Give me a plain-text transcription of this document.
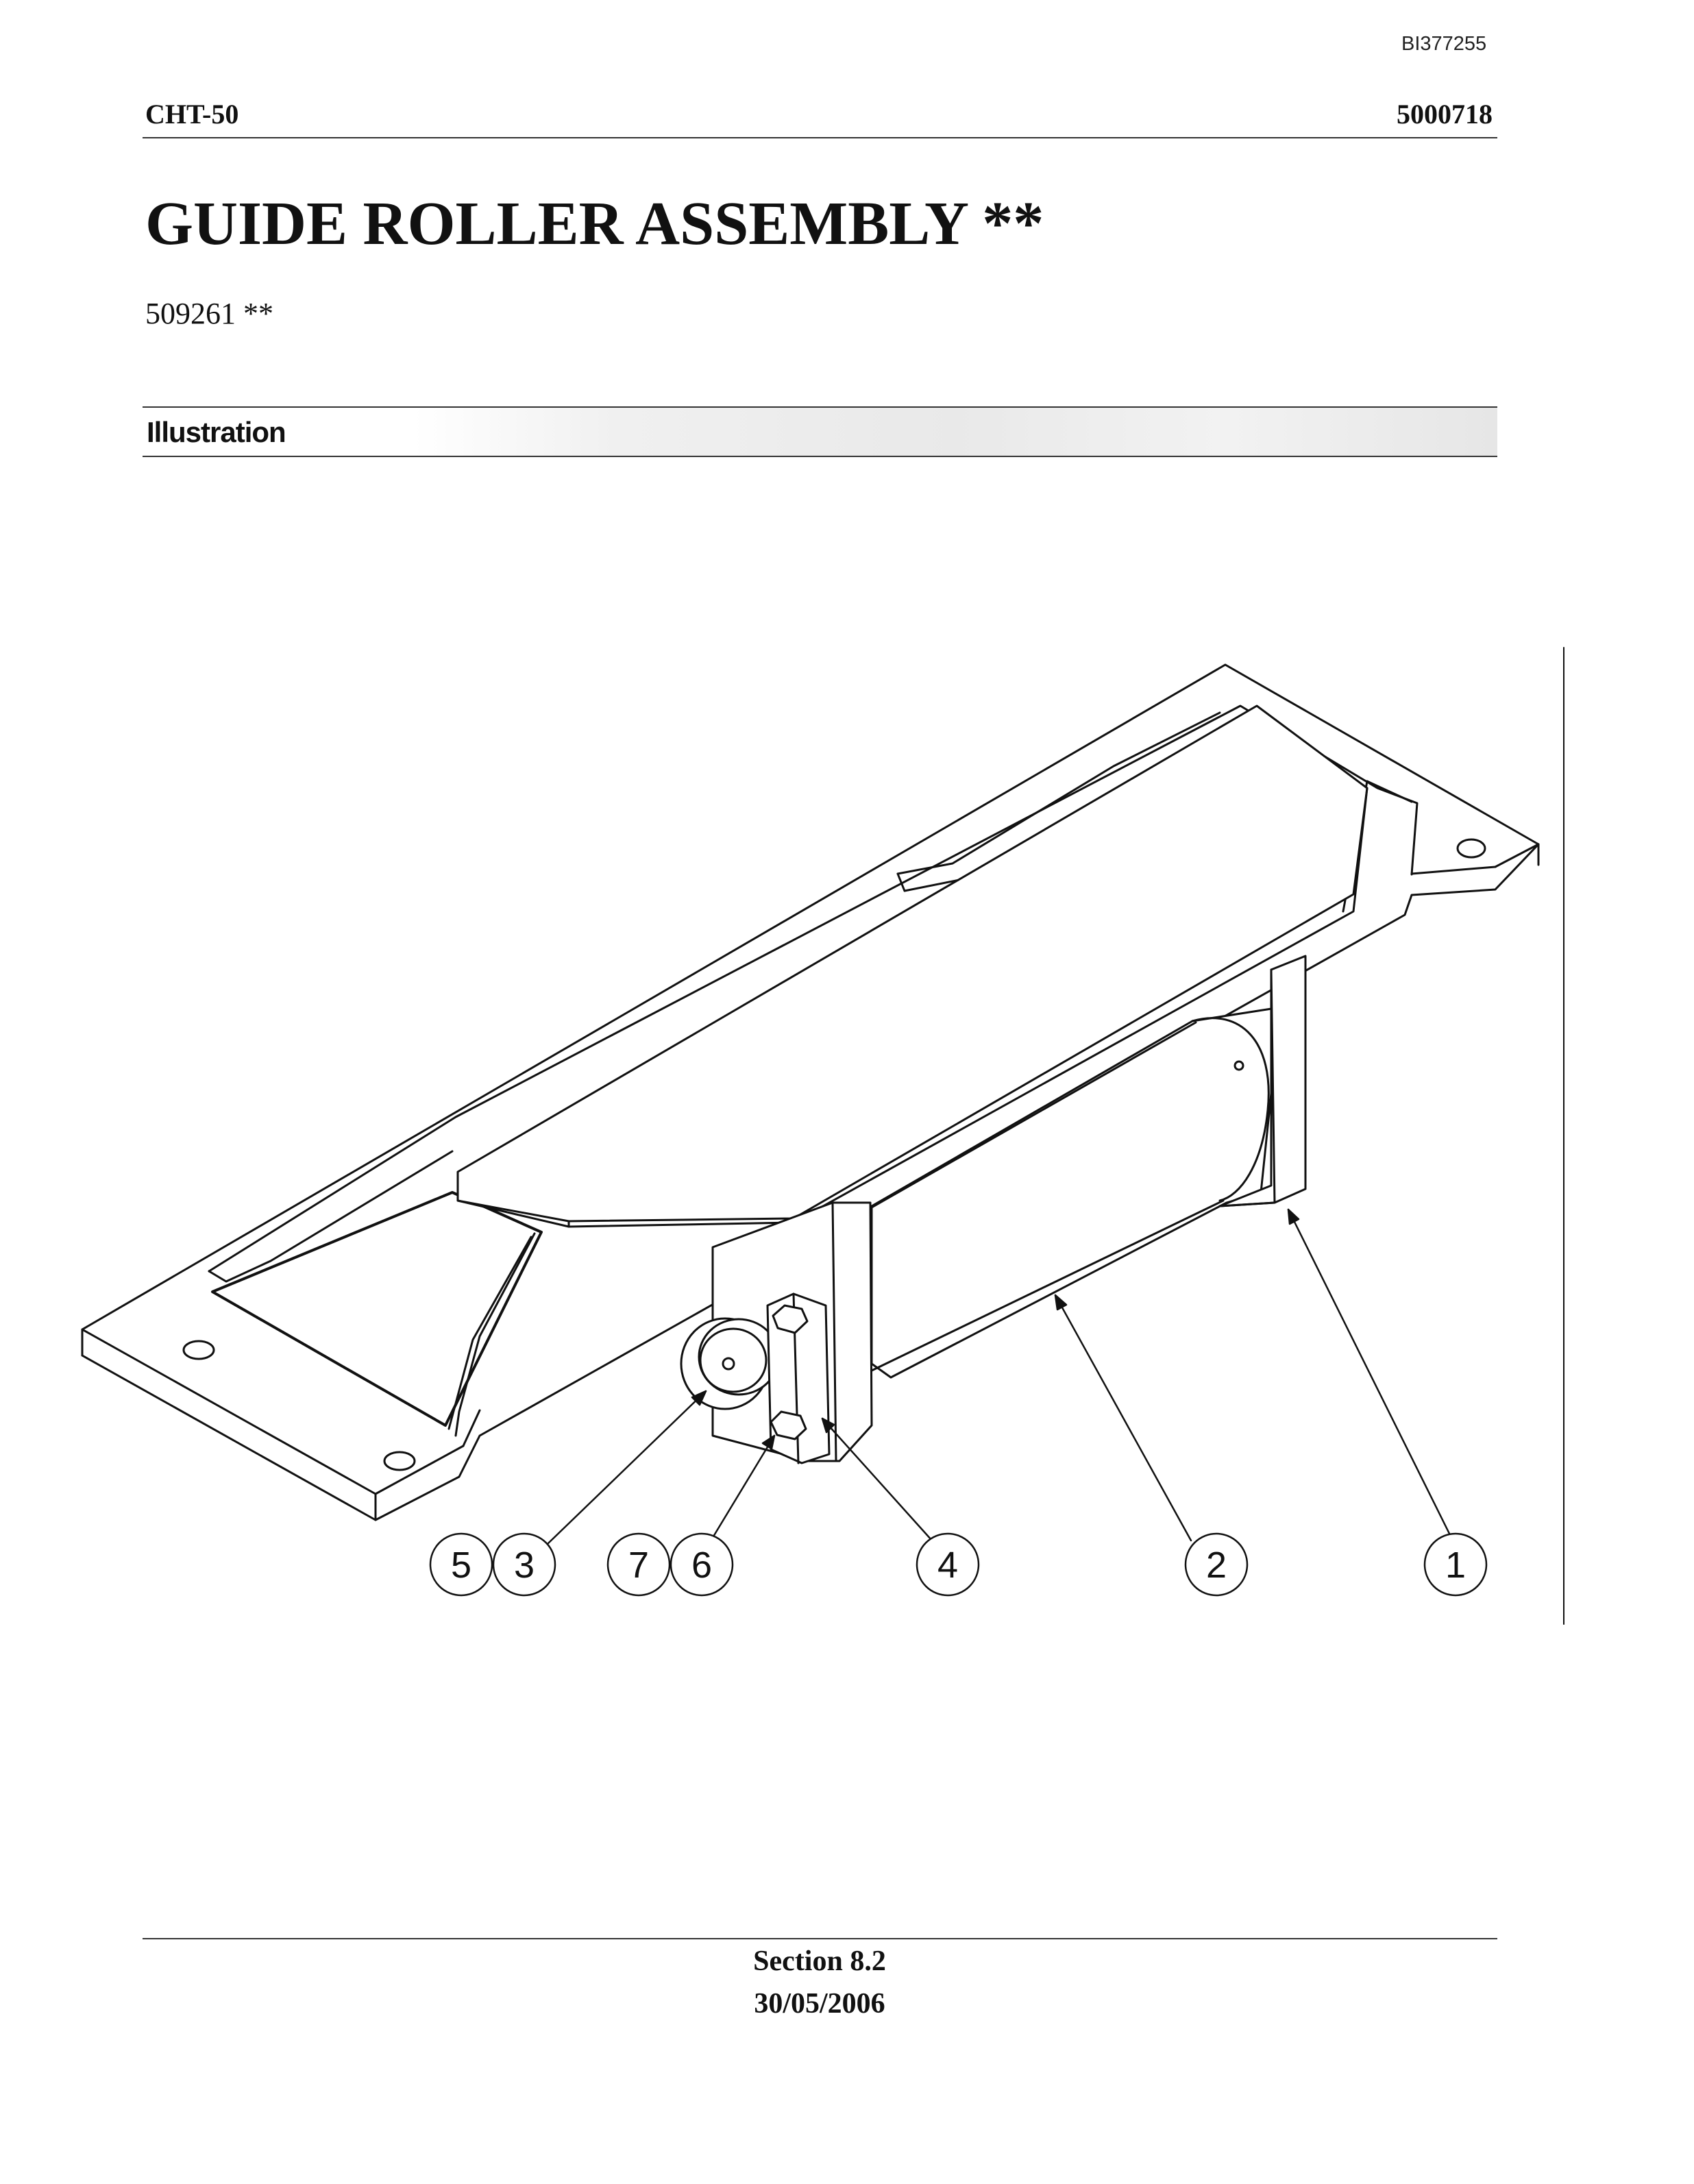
BI377255
CHT-50	5000718
GUIDE ROLLER ASSEMBLY **
509261 **
Illustration
5 3	7 6	4	2	1
Section 8.2
30/05/2006
